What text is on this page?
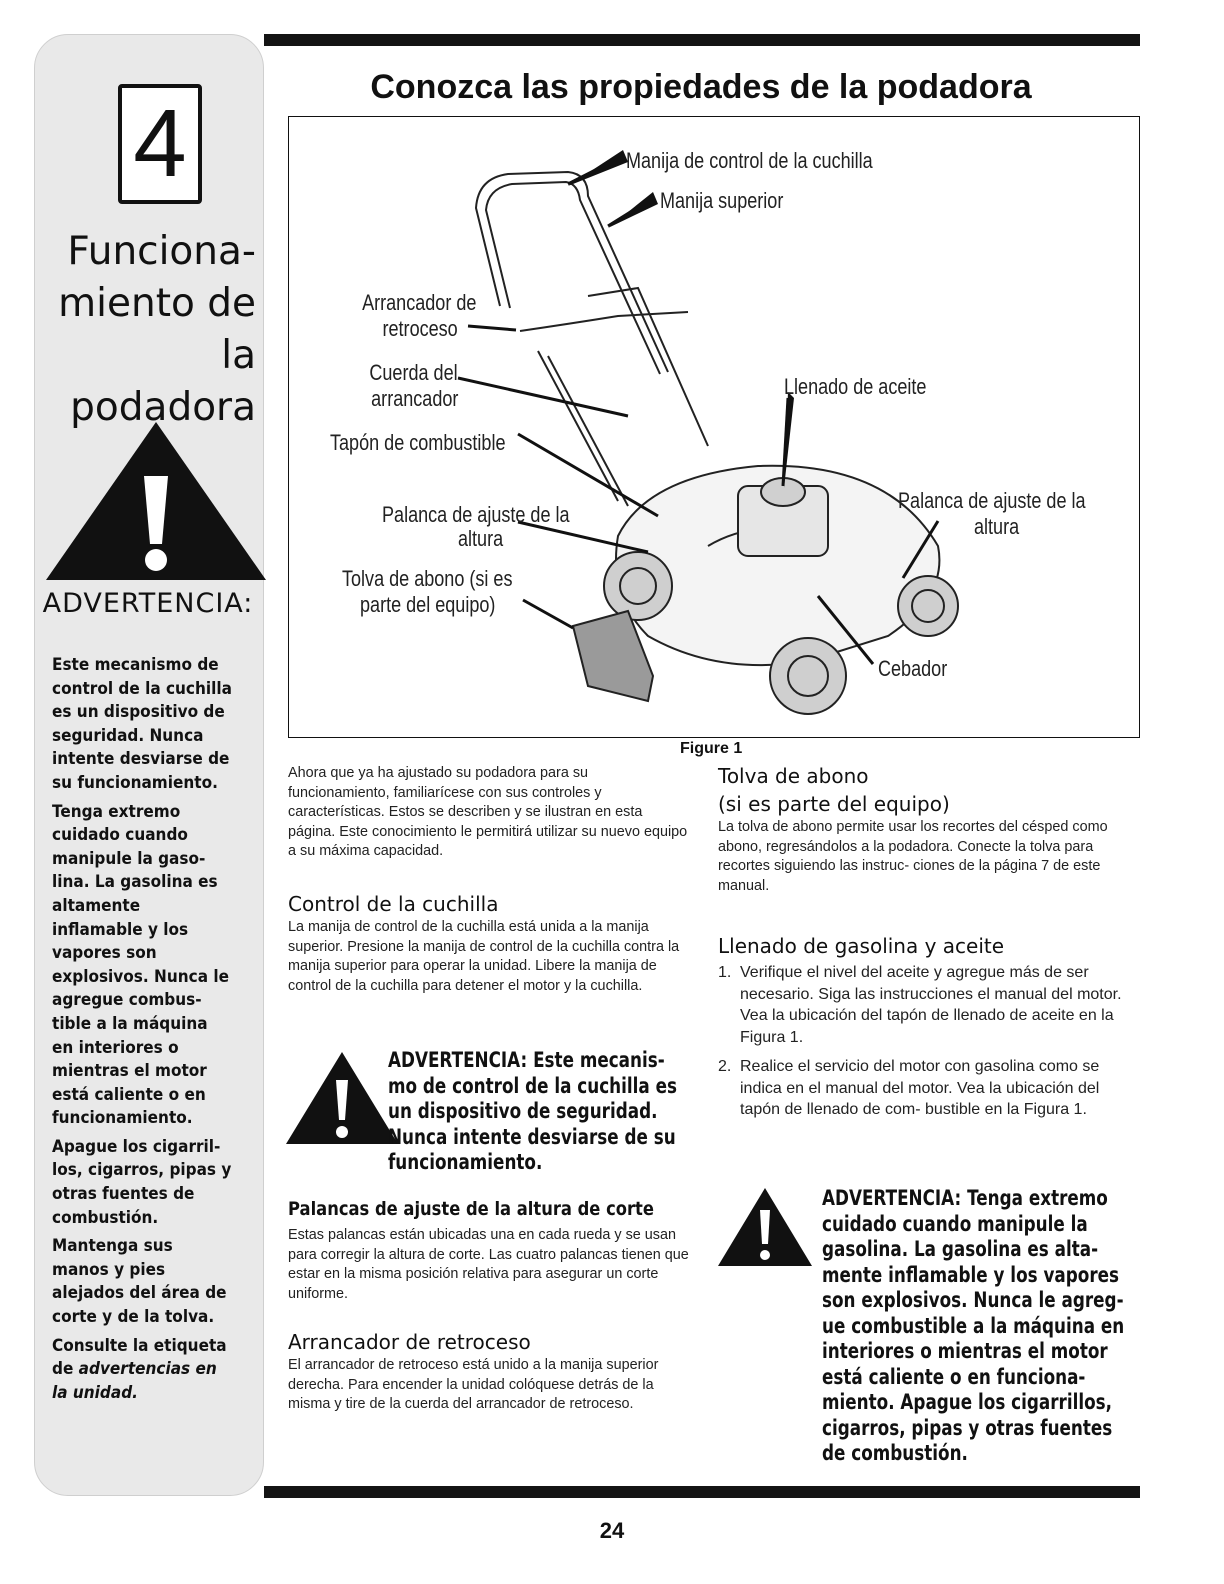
4
Funciona-
miento de
la podadora
ADVERTENCIA:

Este mecanismo de control de la cuchilla es un dispositivo de seguridad. Nunca intente desviarse de su funcionamiento.

Tenga extremo cuidado cuando manipule la gaso- lina. La gasolina es altamente inflamable y los vapores son explosivos. Nunca le agregue combus- tible a la máquina en interiores o mientras el motor está caliente o en funcionamiento.

Apague los cigarril- los, cigarros, pipas y otras fuentes de combustión.

Mantenga sus manos y pies alejados del área de corte y de la tolva.

Consulte la etiqueta de advertencias en la unidad.

Conozca las propiedades de la podadora
Manija de control de la cuchilla
Manija superior
Arrancador de
retroceso
Cuerda del
arrancador
Tapón de combustible
Palanca de ajuste de la
altura
Tolva de abono (si es
parte del equipo)
Llenado de aceite
Palanca de ajuste de la
altura
Cebador
Figure 1
Ahora que ya ha ajustado su podadora para su funcionamiento, familiarícese con sus controles y características. Estos se describen y se ilustran en esta página. Este conocimiento le permitirá utilizar su nuevo equipo a su máxima capacidad.
Control de la cuchilla
La manija de control de la cuchilla está unida a la manija superior. Presione la manija de control de la cuchilla contra la manija superior para operar la unidad. Libere la manija de control de la cuchilla para detener el motor y la cuchilla.
ADVERTENCIA: Este mecanis- mo de control de la cuchilla es un dispositivo de seguridad. Nunca intente desviarse de su funcionamiento.
Palancas de ajuste de la altura de corte
Estas palancas están ubicadas una en cada rueda y se usan para corregir la altura de corte. Las cuatro palancas tienen que estar en la misma posición relativa para asegurar un corte uniforme.
Arrancador de retroceso
El arrancador de retroceso está unido a la manija superior derecha. Para encender la unidad colóquese detrás de la misma y tire de la cuerda del arrancador de retroceso.
Tolva de abono
(si es parte del equipo)
La tolva de abono permite usar los recortes del césped como abono, regresándolos a la podadora. Conecte la tolva para recortes siguiendo las instruc- ciones de la página 7 de este manual.
Llenado de gasolina y aceite
1. Verifique el nivel del aceite y agregue más de ser necesario. Siga las instrucciones el manual del motor. Vea la ubicación del tapón de llenado de aceite en la Figura 1.
2. Realice el servicio del motor con gasolina como se indica en el manual del motor. Vea la ubicación del tapón de llenado de com- bustible en la Figura 1.
ADVERTENCIA: Tenga extremo cuidado cuando manipule la gasolina. La gasolina es alta- mente inflamable y los vapores son explosivos. Nunca le agreg- ue combustible a la máquina en interiores o mientras el motor está caliente o en funciona- miento. Apague los cigarrillos, cigarros, pipas y otras fuentes de combustión.
24
